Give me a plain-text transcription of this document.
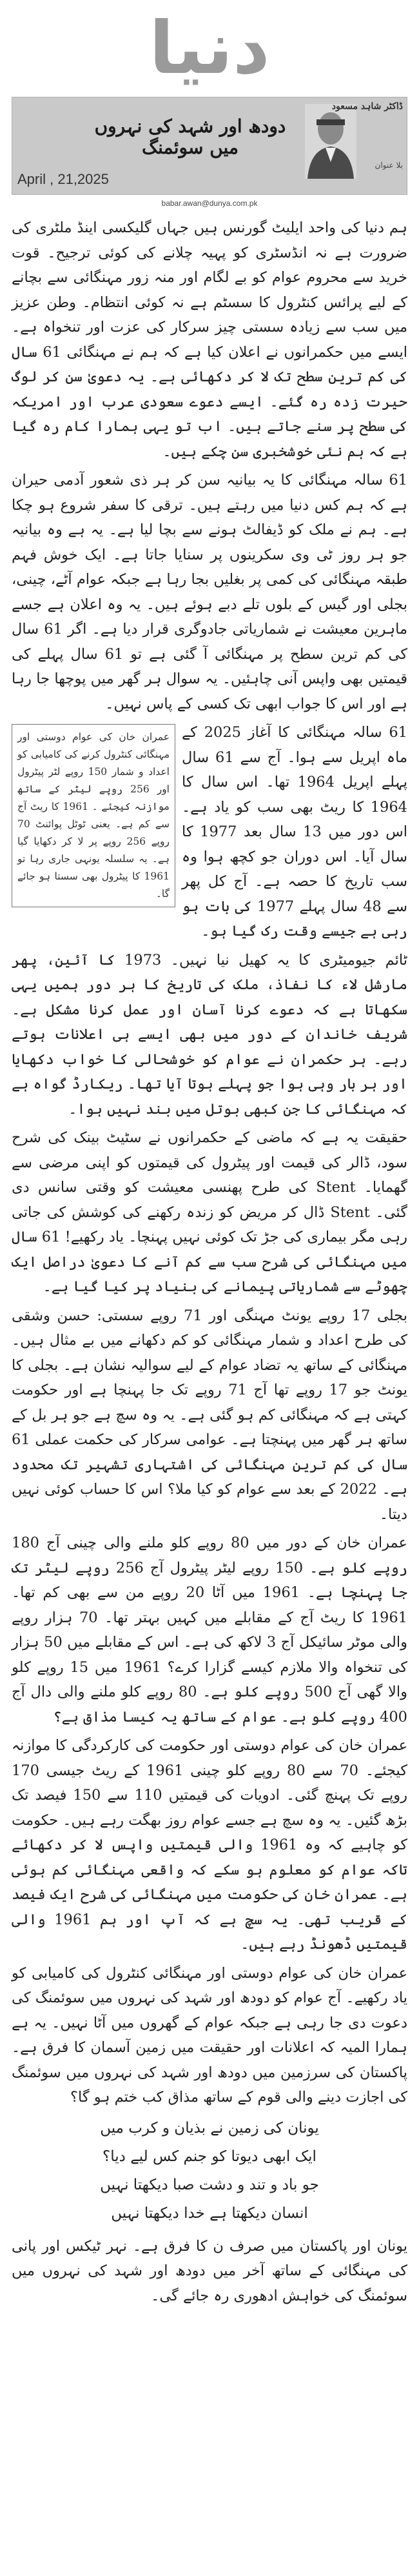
دنیا
ڈاکٹر شاہد مسعود
بلا عنوان
دودھ اور شہد کی نہروں میں سوئمنگ
April , 21,2025
babar.awan@dunya.com.pk

ہم دنیا کی واحد ایلیٹ گورنس ہیں جہاں گلیکسی اینڈ ملٹری کی ضرورت ہے نہ انڈسٹری کو پہیہ چلانے کی کوئی ترجیح۔ قوت خرید سے محروم عوام کو بے لگام اور منہ زور مہنگائی سے بچانے کے لیے پرائس کنٹرول کا سسٹم ہے نہ کوئی انتظام۔ وطن عزیز میں سب سے زیادہ سستی چیز سرکار کی عزت اور تنخواہ ہے۔ ایسے میں حکمرانوں نے اعلان کیا ہے کہ ہم نے مہنگائی 61 سال کی کم ترین سطح تک لا کر دکھائی ہے۔ یہ دعویٰ سن کر لوگ حیرت زدہ رہ گئے۔ ایسے دعوے سعودی عرب اور امریکہ کی سطح پر سنے جاتے ہیں۔ اب تو یہی ہمارا کام رہ گیا ہے کہ ہم نئی خوشخبری سن چکے ہیں۔

61 سالہ مہنگائی کا یہ بیانیہ سن کر ہر ذی شعور آدمی حیران ہے کہ ہم کس دنیا میں رہتے ہیں۔ ترقی کا سفر شروع ہو چکا ہے۔ ہم نے ملک کو ڈیفالٹ ہونے سے بچا لیا ہے۔ یہ ہے وہ بیانیہ جو ہر روز ٹی وی سکرینوں پر سنایا جاتا ہے۔ ایک خوش فہم طبقہ مہنگائی کی کمی پر بغلیں بجا رہا ہے جبکہ عوام آٹے، چینی، بجلی اور گیس کے بلوں تلے دبے ہوئے ہیں۔ یہ وہ اعلان ہے جسے ماہرین معیشت نے شماریاتی جادوگری قرار دیا ہے۔ اگر 61 سال کی کم ترین سطح پر مہنگائی آ گئی ہے تو 61 سال پہلے کی قیمتیں بھی واپس آنی چاہئیں۔ یہ سوال ہر گھر میں پوچھا جا رہا ہے اور اس کا جواب ابھی تک کسی کے پاس نہیں۔

عمران خان کی عوام دوستی اور مہنگائی کنٹرول کرنے کی کامیابی کو اعداد و شمار 150 روپے لٹر پیٹرول اور 256 روپے لیٹر کے ساتھ موازنہ کیجئے ۔ 1961 کا ریٹ آج سے کم ہے۔ یعنی ٹوٹل پوائنٹ 70 روپے 256 روپے پر لا کر دکھایا گیا ہے۔ یہ سلسلہ یونہی جاری رہا تو 1961 کا پیٹرول بھی سستا ہو جائے گا۔

61 سالہ مہنگائی کا آغاز 2025 کے ماہ اپریل سے ہوا۔ آج سے 61 سال پہلے اپریل 1964 تھا۔ اس سال کا 1964 کا ریٹ بھی سب کو یاد ہے۔ اس دور میں 13 سال بعد 1977 کا سال آیا۔ اس دوران جو کچھ ہوا وہ سب تاریخ کا حصہ ہے۔ آج کل پھر سے 48 سال پہلے 1977 کی بات ہو رہی ہے جیسے وقت رک گیا ہو۔

ٹائم جیومیٹری کا یہ کھیل نیا نہیں۔ 1973 کا آئین، پھر مارشل لاء کا نفاذ، ملک کی تاریخ کا ہر دور ہمیں یہی سکھاتا ہے کہ دعوے کرنا آسان اور عمل کرنا مشکل ہے۔ شریف خاندان کے دور میں بھی ایسے ہی اعلانات ہوتے رہے۔ ہر حکمران نے عوام کو خوشحالی کا خواب دکھایا اور ہر بار وہی ہوا جو پہلے ہوتا آیا تھا۔ ریکارڈ گواہ ہے کہ مہنگائی کا جن کبھی بوتل میں بند نہیں ہوا۔

حقیقت یہ ہے کہ ماضی کے حکمرانوں نے سٹیٹ بینک کی شرح سود، ڈالر کی قیمت اور پیٹرول کی قیمتوں کو اپنی مرضی سے گھمایا۔ Stent کی طرح پھنسی معیشت کو وقتی سانس دی گئی۔ Stent ڈال کر مریض کو زندہ رکھنے کی کوشش کی جاتی رہی مگر بیماری کی جڑ تک کوئی نہیں پہنچا۔ یاد رکھیے! 61 سال میں مہنگائی کی شرح سب سے کم آنے کا دعویٰ دراصل ایک چھوٹے سے شماریاتی پیمانے کی بنیاد پر کیا گیا ہے۔

بجلی 17 روپے یونٹ مہنگی اور 71 روپے سستی: حسن وشقی کی طرح اعداد و شمار مہنگائی کو کم دکھانے میں بے مثال ہیں۔ مہنگائی کے ساتھ یہ تضاد عوام کے لیے سوالیہ نشان ہے۔ بجلی کا یونٹ جو 17 روپے تھا آج 71 روپے تک جا پہنچا ہے اور حکومت کہتی ہے کہ مہنگائی کم ہو گئی ہے۔ یہ وہ سچ ہے جو ہر بل کے ساتھ ہر گھر میں پہنچتا ہے۔ عوامی سرکار کی حکمت عملی 61 سال کی کم ترین مہنگائی کی اشتہاری تشہیر تک محدود ہے۔ 2022 کے بعد سے عوام کو کیا ملا؟ اس کا حساب کوئی نہیں دیتا۔

عمران خان کے دور میں 80 روپے کلو ملنے والی چینی آج 180 روپے کلو ہے۔ 150 روپے لیٹر پیٹرول آج 256 روپے لیٹر تک جا پہنچا ہے۔ 1961 میں آٹا 20 روپے من سے بھی کم تھا۔ 1961 کا ریٹ آج کے مقابلے میں کہیں بہتر تھا۔ 70 ہزار روپے والی موٹر سائیکل آج 3 لاکھ کی ہے۔ اس کے مقابلے میں 50 ہزار کی تنخواہ والا ملازم کیسے گزارا کرے؟ 1961 میں 15 روپے کلو والا گھی آج 500 روپے کلو ہے۔ 80 روپے کلو ملنے والی دال آج 400 روپے کلو ہے۔ عوام کے ساتھ یہ کیسا مذاق ہے؟

عمران خان کی عوام دوستی اور حکومت کی کارکردگی کا موازنہ کیجئے۔ 70 سے 80 روپے کلو چینی 1961 کے ریٹ جیسی 170 روپے تک پہنچ گئی۔ ادویات کی قیمتیں 110 سے 150 فیصد تک بڑھ گئیں۔ یہ وہ سچ ہے جسے عوام روز بھگت رہے ہیں۔ حکومت کو چاہیے کہ وہ 1961 والی قیمتیں واپس لا کر دکھائے تاکہ عوام کو معلوم ہو سکے کہ واقعی مہنگائی کم ہوئی ہے۔ عمران خان کی حکومت میں مہنگائی کی شرح ایک فیصد کے قریب تھی۔ یہ سچ ہے کہ آپ اور ہم 1961 والی قیمتیں ڈھونڈ رہے ہیں۔

عمران خان کی عوام دوستی اور مہنگائی کنٹرول کی کامیابی کو یاد رکھیے۔ آج عوام کو دودھ اور شہد کی نہروں میں سوئمنگ کی دعوت دی جا رہی ہے جبکہ عوام کے گھروں میں آٹا نہیں۔ یہ ہے ہمارا المیہ کہ اعلانات اور حقیقت میں زمین آسمان کا فرق ہے۔ پاکستان کی سرزمین میں دودھ اور شہد کی نہروں میں سوئمنگ کی اجازت دینے والی قوم کے ساتھ مذاق کب ختم ہو گا؟

یونان کی زمین نے بذیان و کرب میں
ایک ابھی دیوتا کو جنم کس لیے دیا؟
جو باد و تند و دشت صبا دیکھتا نہیں
انسان دیکھتا ہے خدا دیکھتا نہیں

یونان اور پاکستان میں صرف ن کا فرق ہے۔ نہر ٹیکس اور پانی کی مہنگائی کے ساتھ آخر میں دودھ اور شہد کی نہروں میں سوئمنگ کی خواہش ادھوری رہ جائے گی۔
